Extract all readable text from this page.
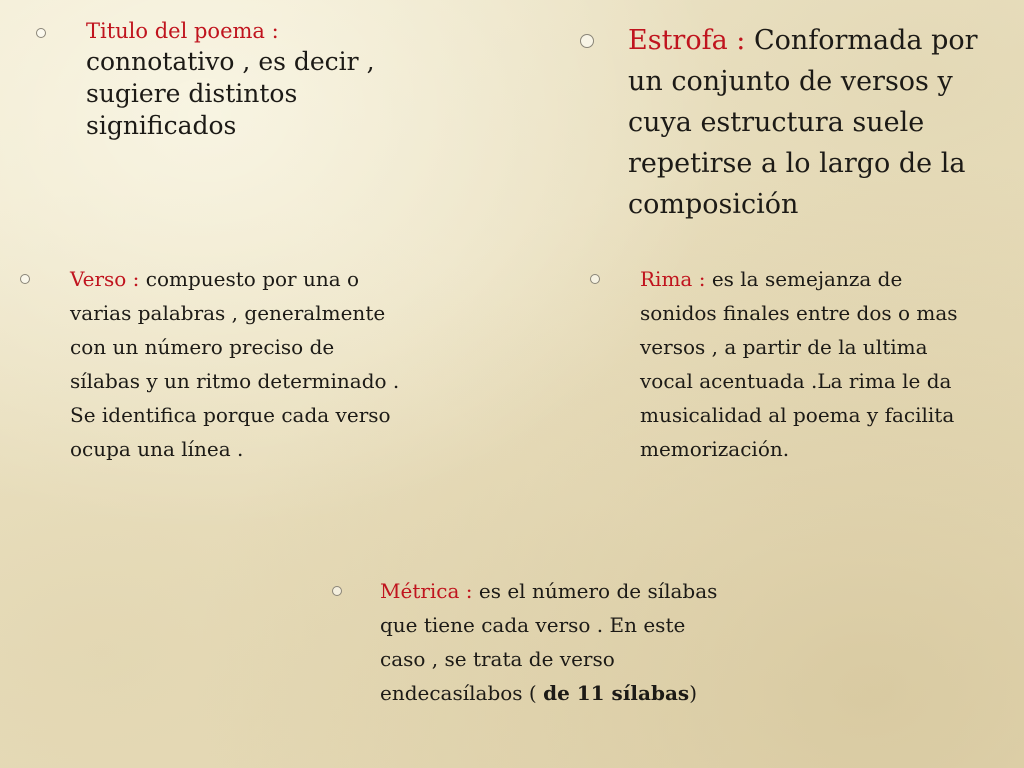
Titulo del poema :
connotativo , es decir , sugiere distintos significados

Estrofa : Conformada por un conjunto de versos y cuya estructura suele repetirse a lo largo de la composición

Verso : compuesto por una o varias palabras , generalmente con un número preciso de sílabas y un ritmo determinado . Se identifica porque cada verso ocupa una línea .

Rima : es la semejanza de sonidos finales entre dos o mas versos , a partir de la ultima vocal acentuada .La rima le da musicalidad al poema y facilita memorización.

Métrica : es el número de sílabas que tiene cada verso . En este caso , se trata de verso endecasílabos ( de 11 sílabas)
